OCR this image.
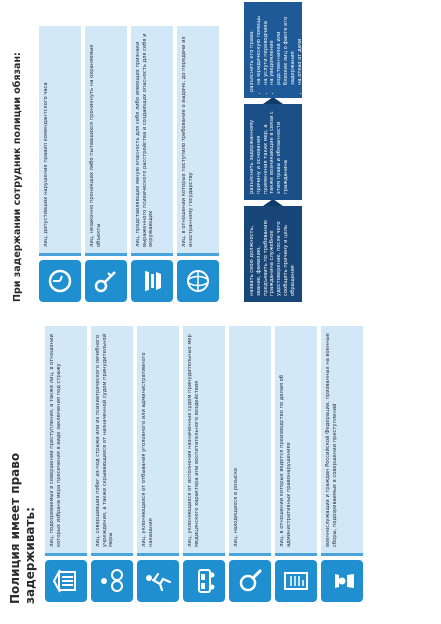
Полиция имеет право задерживать:
При задержании сотрудник полиции обязан:
лиц, подозреваемых в совершении преступления, а также лиц, в отношении которых избрана мера пресечения в виде заключения под стражу	лиц, совершивших побег из-под стражи или из психиатрического лечебного учреждения, а также скрывающихся от назначенной судом принудительной меры	лиц, уклоняющихся от отбывания уголовного или административного наказания	лиц, уклоняющихся от исполнения назначенных судом принудительных мер медицинского характера или воспитательного воздействия	лиц, находящихся в розыске	лиц, в отношении которых ведется производство по делам об административных правонарушениях	военнослужащих и граждан Российской Федерации, призванных на военные сборы, подозреваемых в совершении преступлений
лиц, допустивших нарушение правил комендантского часа	лиц, незаконно проникших либо пытавшихся проникнуть на охраняемые объекты	лиц, представляющих явную опасность для себя либо имеющих признаки выраженного психического расстройства и создающих опасность для себя и окружающих	лиц, в отношении которых поступило требование о выдаче, до передачи их иностранному государству
назвать свою должность, звание, фамилию, предъявить по требованию гражданина служебное удостоверение, после чего сообщить причину и цель обращения
разъяснить задержанному причину и основания применения таких мер, а также возникающие в связи с этим права и обязанности гражданина
разъяснить его права: • на юридическую помощь • на услуги переводчика • на уведомление родственников или близких лиц о факте его задержания • на отказ от дачи объяснения
